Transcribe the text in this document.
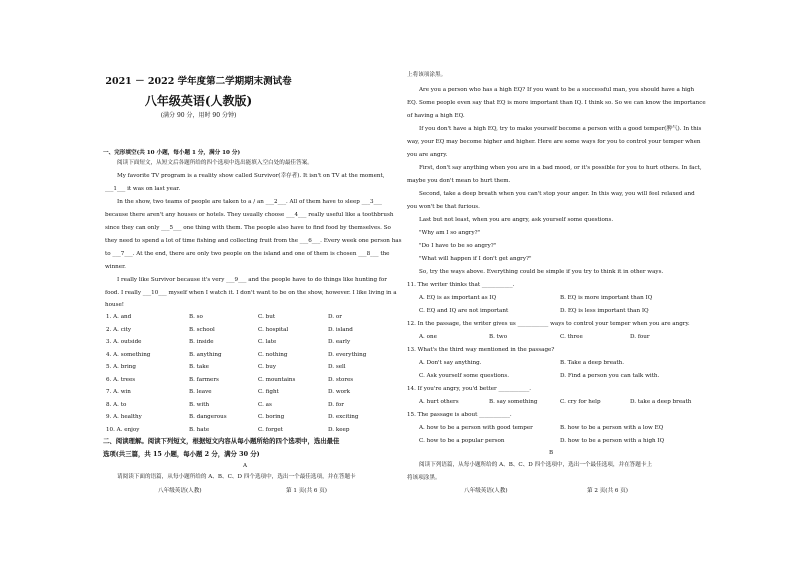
2021 － 2022 学年度第二学期期末测试卷
八年级英语(人教版)
(满分 90 分，用时 90 分钟)
一、完形填空(共 10 小题，每小题 1 分，满分 10 分)
阅读下面短文，从短文后各题所给的四个选项中选出能填入空白处的最佳答案。
My favorite TV program is a reality show called Survivor(幸存者). It isn't on TV at the moment,
___1___ it was on last year.
In the show, two teams of people are taken to a / an ___2___. All of them have to sleep ___3___
because there aren't any houses or hotels. They usually choose ___4___ really useful like a toothbrush
since they can only ___5___ one thing with them. The people also have to find food by themselves. So
they need to spend a lot of time fishing and collecting fruit from the ___6___. Every week one person has
to ___7___. At the end, there are only two people on the island and one of them is chosen ___8___ the
winner.
I really like Survivor because it's very ___9___ and the people have to do things like hunting for
food. I really ___10___ myself when I watch it. I don't want to be on the show, however. I like living in a
house!
1. A. and	B. so	C. but	D. or
2. A. city	B. school	C. hospital	D. island
3. A. outside	B. inside	C. late	D. early
4. A. something	B. anything	C. nothing	D. everything
5. A. bring	B. take	C. buy	D. sell
6. A. trees	B. farmers	C. mountains	D. stores
7. A. win	B. leave	C. fight	D. work
8. A. to	B. with	C. as	D. for
9. A. healthy	B. dangerous	C. boring	D. exciting
10. A. enjoy	B. hate	C. forget	D. keep
二、阅读理解。阅读下列短文，根据短文内容从每小题所给的四个选项中，选出最佳
选项(共三篇，共 15 小题，每小题 2 分，满分 30 分)
A
请阅读下面的语篇，从每小题所给的 A、B、C、D 四个选项中，选出一个最佳选项，并在答题卡
八年级英语(人教)	第 1 页(共 6 页)
上将该项涂黑。
Are you a person who has a high EQ? If you want to be a successful man, you should have a high
EQ. Some people even say that EQ is more important than IQ. I think so. So we can know the importance
of having a high EQ.
If you don't have a high EQ, try to make yourself become a person with a good temper(脾气). In this
way, your EQ may become higher and higher. Here are some ways for you to control your temper when
you are angry.
First, don't say anything when you are in a bad mood, or it's possible for you to hurt others. In fact,
maybe you don't mean to hurt them.
Second, take a deep breath when you can't stop your anger. In this way, you will feel relaxed and
you won't be that furious.
Last but not least, when you are angry, ask yourself some questions.
"Why am I so angry?"
"Do I have to be so angry?"
"What will happen if I don't get angry?"
So, try the ways above. Everything could be simple if you try to think it in other ways.
11. The writer thinks that ___________.
A. EQ is as important as IQ	B. EQ is more important than IQ
C. EQ and IQ are not important	D. EQ is less important than IQ
12. In the passage, the writer gives us ___________ ways to control your temper when you are angry.
A. one	B. two	C. three	D. four
13. What's the third way mentioned in the passage?
A. Don't say anything.	B. Take a deep breath.
C. Ask yourself some questions.	D. Find a person you can talk with.
14. If you're angry, you'd better ___________.
A. hurt others	B. say something	C. cry for help	D. take a deep breath
15. The passage is about ___________.
A. how to be a person with good temper	B. how to be a person with a low EQ
C. how to be a popular person	D. how to be a person with a high IQ
B
阅读下列语篇，从每小题所给的 A、B、C、D 四个选项中，选出一个最佳选项，并在答题卡上
将该项涂黑。
八年级英语(人教)	第 2 页(共 6 页)
